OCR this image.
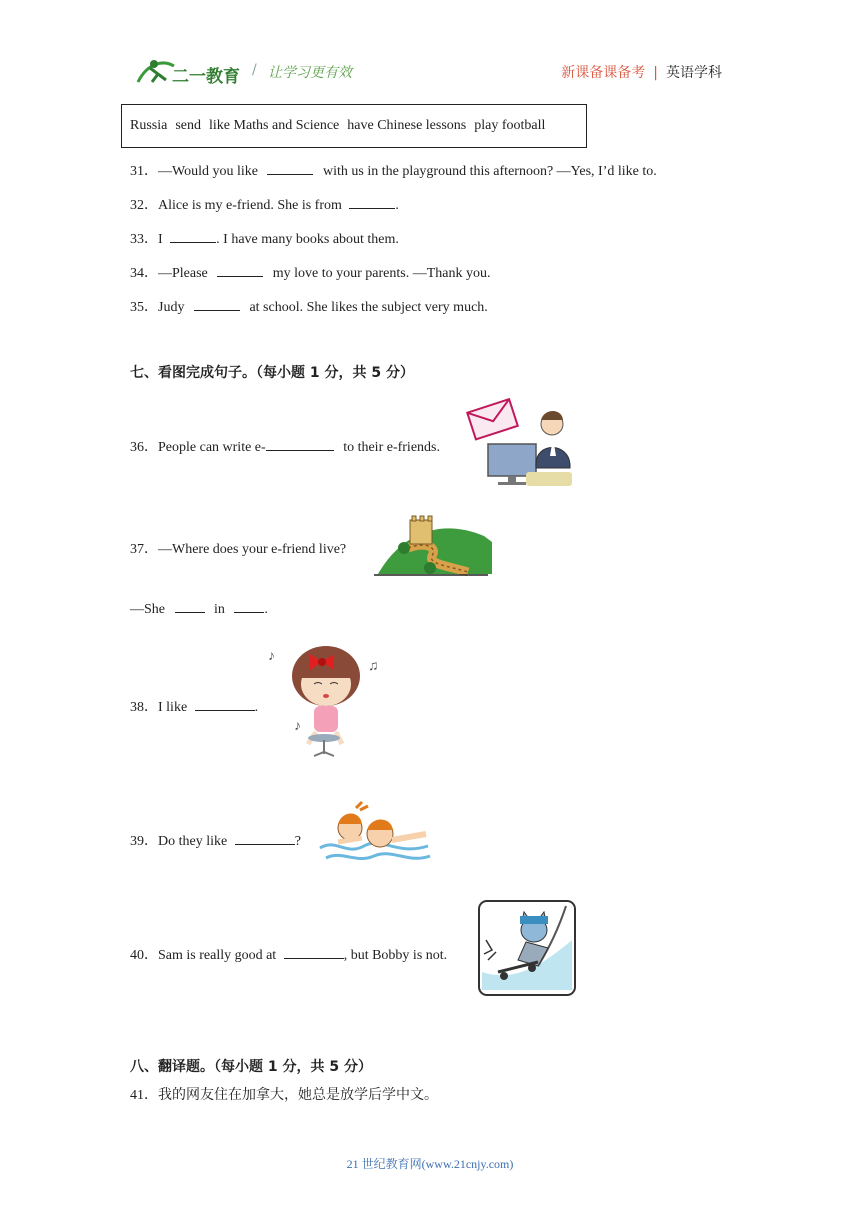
二一教育 / 让学习更有效	新课备课备考 | 英语学科
Russia send like Maths and Science have Chinese lessons play football
31．—Would you like	with us in the playground this afternoon? —Yes, I’d like to.
32．Alice is my e-friend. She is from	.
33．I	. I have many books about them.
34．—Please	my love to your parents. —Thank you.
35．Judy	at school. She likes the subject very much.
七、看图完成句子。（每小题 1 分，共 5 分）
36．People can write e-	to their e-friends.
37．—Where does your e-friend live?
—She	in	.
38．I like	.
♪
♫
♪
39．Do they like	?
40．Sam is really good at	, but Bobby is not.
八、翻译题。（每小题 1 分，共 5 分）
41．我的网友住在加拿大，她总是放学后学中文。
21 世纪教育网(www.21cnjy.com)
